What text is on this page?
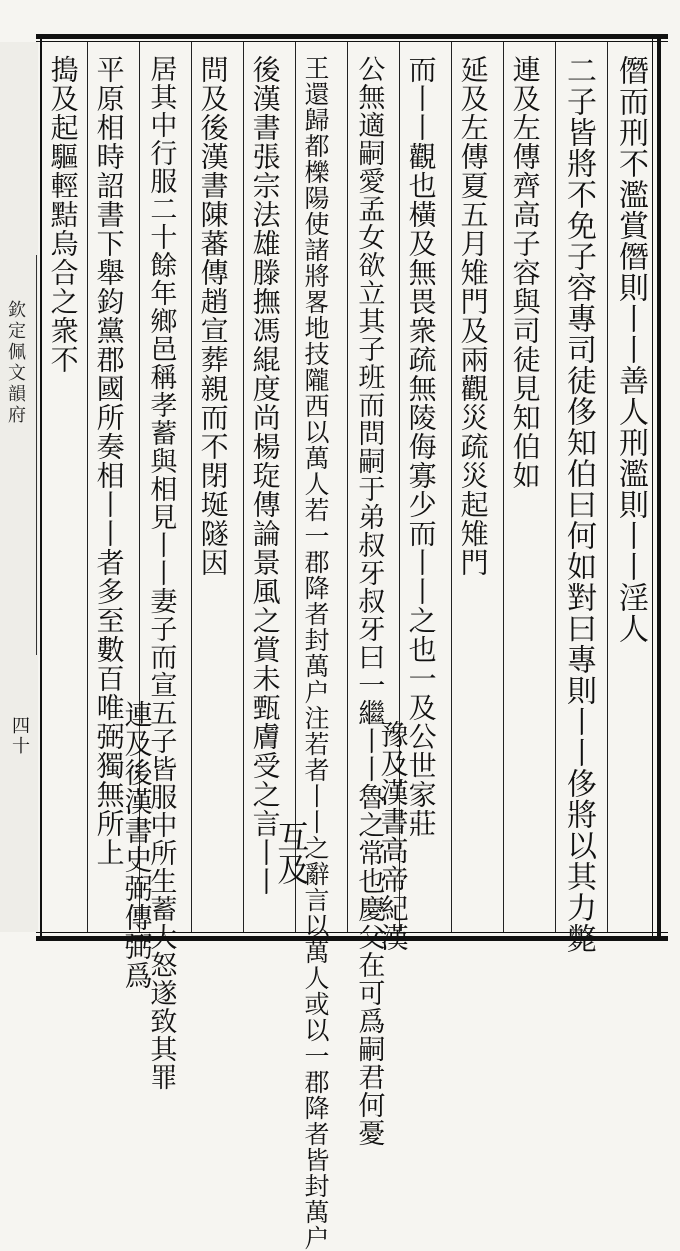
欽定佩文韻府
四十
僭而刑不濫賞僭則丨丨善人刑濫則丨丨淫人
二子皆將不免子容專司徒侈知伯曰何如對曰專則丨丨侈將以其力斃
連及左傳齊高子容與司徒見知伯如
延及左傳夏五月雉門及兩觀災疏災起雉門
而丨丨觀也橫及無畏衆疏無陵侮寡少而丨丨之也一及公世家莊
公無適嗣愛孟女欲立其子班而問嗣于弟叔牙叔牙曰一繼丨丨魯之常也慶父在可爲嗣君何憂
王還歸都櫟陽使諸將畧地技隴西以萬人若一郡降者封萬户注若者丨丨之辭言以萬人或以一郡降者皆封萬户
後漢書張宗法雄滕撫馮緄度尚楊琁傳論景風之賞未甄膚受之言丨丨
問及後漢書陳蕃傳趙宣葬親而不閉埏隧因
居其中行服二十餘年鄉邑稱孝蓄與相見丨丨妻子而宣五子皆服中所生蓄大怒遂致其罪
平原相時詔書下舉鈞黨郡國所奏相丨丨者多至數百唯弼獨無所上
搗及起驅輕黠烏合之衆不
豫及漢書高帝紀漢
互及
連及後漢書史弼傳弼爲
